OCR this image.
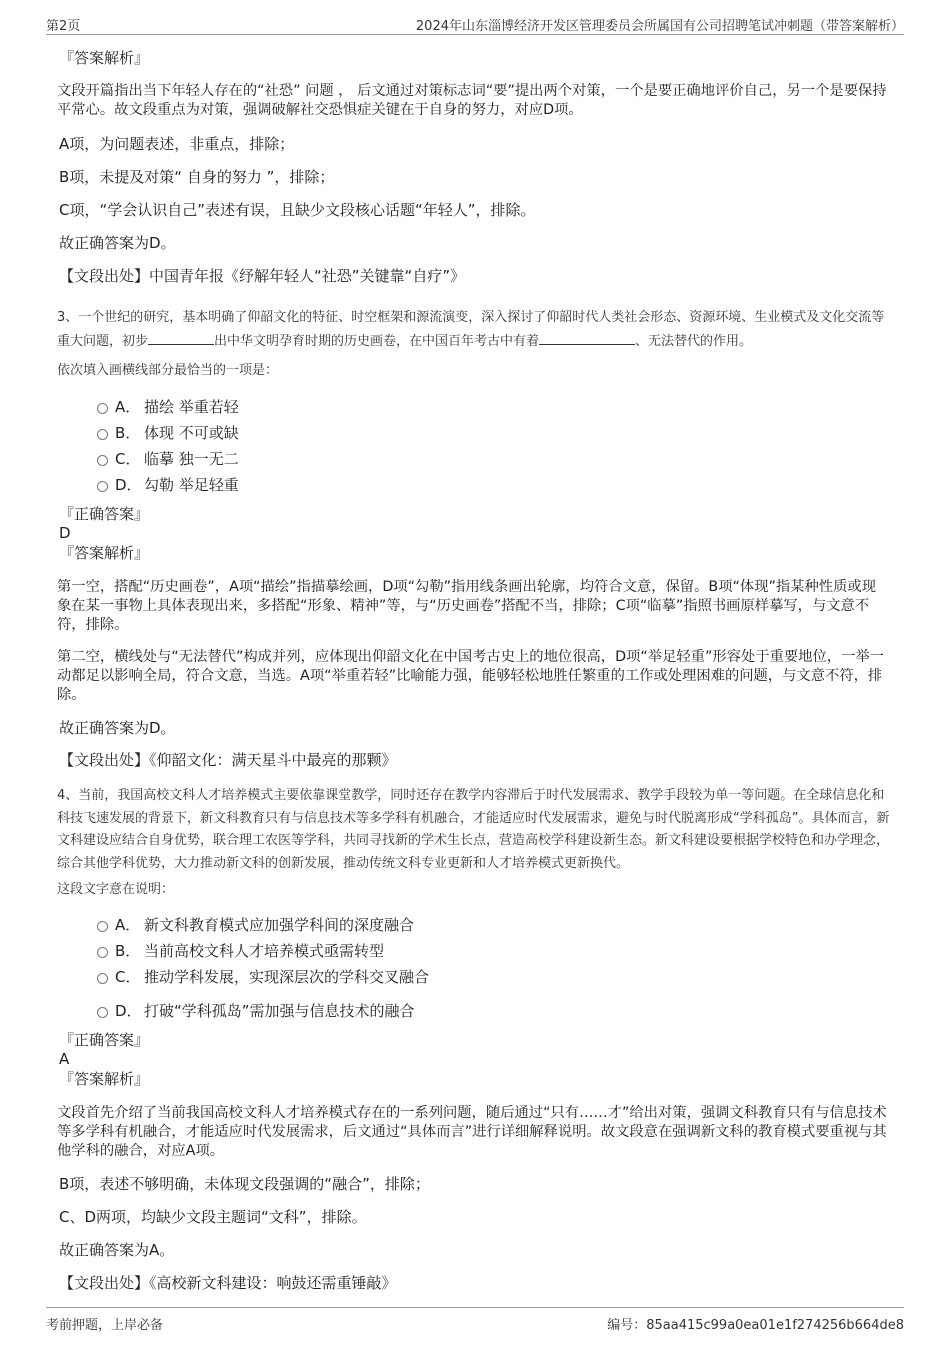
第2页	2024年山东淄博经济开发区管理委员会所属国有公司招聘笔试冲刺题（带答案解析）
『答案解析』

文段开篇指出当下年轻人存在的“社恐” 问题 ， 后文通过对策标志词“要”提出两个对策，一个是要正确地评价自己，另一个是要保持平常心。故文段重点为对策，强调破解社交恐惧症关键在于自身的努力，对应D项。

A项，为问题表述，非重点，排除；
B项，未提及对策“ 自身的努力 ”，排除；
C项，“学会认识自己”表述有误，且缺少文段核心话题“年轻人”，排除。
故正确答案为D。
【文段出处】中国青年报《纾解年轻人“社恐”关键靠“自疗”》

3、一个世纪的研究，基本明确了仰韶文化的特征、时空框架和源流演变，深入探讨了仰韶时代人类社会形态、资源环境、生业模式及文化交流等重大问题，初步	出中华文明孕育时期的历史画卷，在中国百年考古中有着	、无法替代的作用。

依次填入画横线部分最恰当的一项是：

A． 描绘 举重若轻
B． 体现 不可或缺
C． 临摹 独一无二
D． 勾勒 举足轻重
『正确答案』
D
『答案解析』

第一空，搭配“历史画卷”，A项“描绘”指描摹绘画，D项“勾勒”指用线条画出轮廓，均符合文意，保留。B项“体现”指某种性质或现象在某一事物上具体表现出来，多搭配“形象、精神”等，与“历史画卷”搭配不当，排除；C项“临摹”指照书画原样摹写，与文意不符，排除。

第二空，横线处与“无法替代”构成并列，应体现出仰韶文化在中国考古史上的地位很高，D项“举足轻重”形容处于重要地位，一举一动都足以影响全局，符合文意，当选。A项“举重若轻”比喻能力强，能够轻松地胜任繁重的工作或处理困难的问题，与文意不符，排除。

故正确答案为D。
【文段出处】《仰韶文化：满天星斗中最亮的那颗》

4、当前，我国高校文科人才培养模式主要依靠课堂教学，同时还存在教学内容滞后于时代发展需求、教学手段较为单一等问题。在全球信息化和科技飞速发展的背景下，新文科教育只有与信息技术等多学科有机融合，才能适应时代发展需求，避免与时代脱离形成“学科孤岛”。具体而言，新文科建设应结合自身优势，联合理工农医等学科，共同寻找新的学术生长点，营造高校学科建设新生态。新文科建设要根据学校特色和办学理念，综合其他学科优势，大力推动新文科的创新发展，推动传统文科专业更新和人才培养模式更新换代。

这段文字意在说明：

A． 新文科教育模式应加强学科间的深度融合
B． 当前高校文科人才培养模式亟需转型
C． 推动学科发展，实现深层次的学科交叉融合
D． 打破“学科孤岛”需加强与信息技术的融合
『正确答案』
A
『答案解析』

文段首先介绍了当前我国高校文科人才培养模式存在的一系列问题，随后通过“只有……才”给出对策，强调文科教育只有与信息技术等多学科有机融合，才能适应时代发展需求，后文通过“具体而言”进行详细解释说明。故文段意在强调新文科的教育模式要重视与其他学科的融合，对应A项。

B项，表述不够明确，未体现文段强调的“融合”，排除；
C、D两项，均缺少文段主题词“文科”，排除。
故正确答案为A。
【文段出处】《高校新文科建设：响鼓还需重锤敲》
考前押题，上岸必备	编号：85aa415c99a0ea01e1f274256b664de8
